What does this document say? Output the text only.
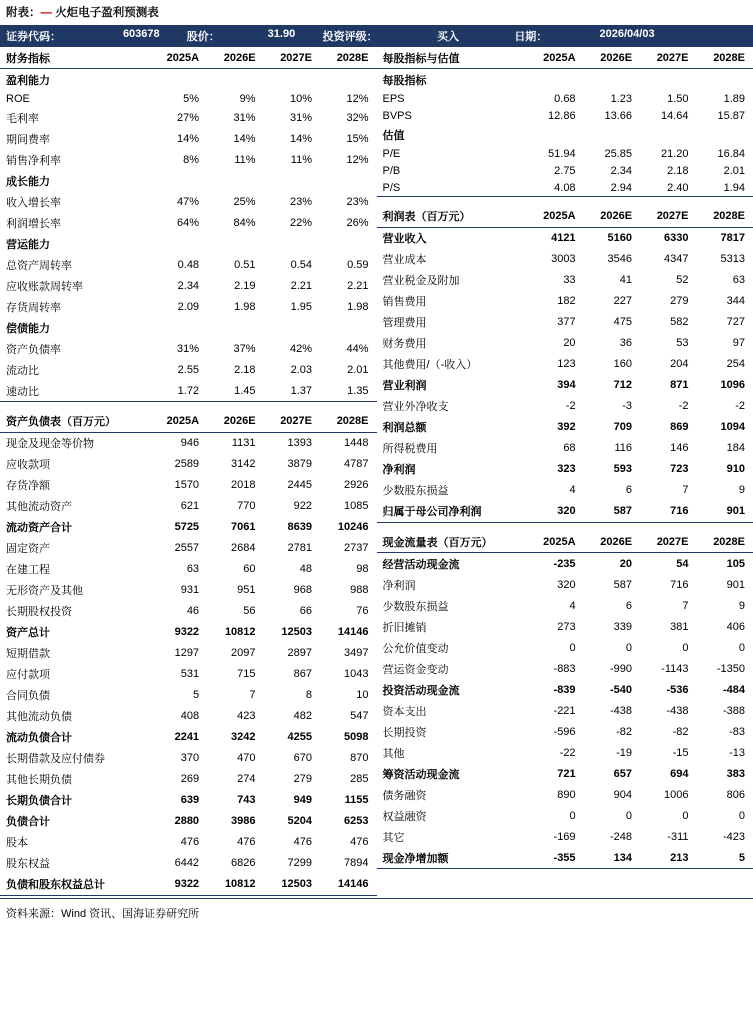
附表：— 火炬电子盈利预测表
证券代码：	603678	股价：	31.90	投资评级：	买入	日期：	2026/04/03
财务指标	2025A	2026E	2027E	2028E
盈利能力				
ROE	5%	9%	10%	12%
毛利率	27%	31%	31%	32%
期间费率	14%	14%	14%	15%
销售净利率	8%	11%	11%	12%
成长能力				
收入增长率	47%	25%	23%	23%
利润增长率	64%	84%	22%	26%
营运能力				
总资产周转率	0.48	0.51	0.54	0.59
应收账款周转率	2.34	2.19	2.21	2.21
存货周转率	2.09	1.98	1.95	1.98
偿债能力				
资产负债率	31%	37%	42%	44%
流动比	2.55	2.18	2.03	2.01
速动比	1.72	1.45	1.37	1.35

资产负债表（百万元）	2025A	2026E	2027E	2028E
现金及现金等价物	946	1131	1393	1448
应收款项	2589	3142	3879	4787
存货净额	1570	2018	2445	2926
其他流动资产	621	770	922	1085
流动资产合计	5725	7061	8639	10246
固定资产	2557	2684	2781	2737
在建工程	63	60	48	98
无形资产及其他	931	951	968	988
长期股权投资	46	56	66	76
资产总计	9322	10812	12503	14146
短期借款	1297	2097	2897	3497
应付款项	531	715	867	1043
合同负债	5	7	8	10
其他流动负债	408	423	482	547
流动负债合计	2241	3242	4255	5098
长期借款及应付债券	370	470	670	870
其他长期负债	269	274	279	285
长期负债合计	639	743	949	1155
负债合计	2880	3986	5204	6253
股本	476	476	476	476
股东权益	6442	6826	7299	7894
负债和股东权益总计	9322	10812	12503	14146
每股指标与估值	2025A	2026E	2027E	2028E
每股指标				
EPS	0.68	1.23	1.50	1.89
BVPS	12.86	13.66	14.64	15.87
估值				
P/E	51.94	25.85	21.20	16.84
P/B	2.75	2.34	2.18	2.01
P/S	4.08	2.94	2.40	1.94

利润表（百万元）	2025A	2026E	2027E	2028E
营业收入	4121	5160	6330	7817
营业成本	3003	3546	4347	5313
营业税金及附加	33	41	52	63
销售费用	182	227	279	344
管理费用	377	475	582	727
财务费用	20	36	53	97
其他费用/（-收入）	123	160	204	254
营业利润	394	712	871	1096
营业外净收支	-2	-3	-2	-2
利润总额	392	709	869	1094
所得税费用	68	116	146	184
净利润	323	593	723	910
少数股东损益	4	6	7	9
归属于母公司净利润	320	587	716	901

现金流量表（百万元）	2025A	2026E	2027E	2028E
经营活动现金流	-235	20	54	105
净利润	320	587	716	901
少数股东损益	4	6	7	9
折旧摊销	273	339	381	406
公允价值变动	0	0	0	0
营运资金变动	-883	-990	-1143	-1350
投资活动现金流	-839	-540	-536	-484
资本支出	-221	-438	-438	-388
长期投资	-596	-82	-82	-83
其他	-22	-19	-15	-13
筹资活动现金流	721	657	694	383
债务融资	890	904	1006	806
权益融资	0	0	0	0
其它	-169	-248	-311	-423
现金净增加额	-355	134	213	5
资料来源：Wind 资讯、国海证券研究所
